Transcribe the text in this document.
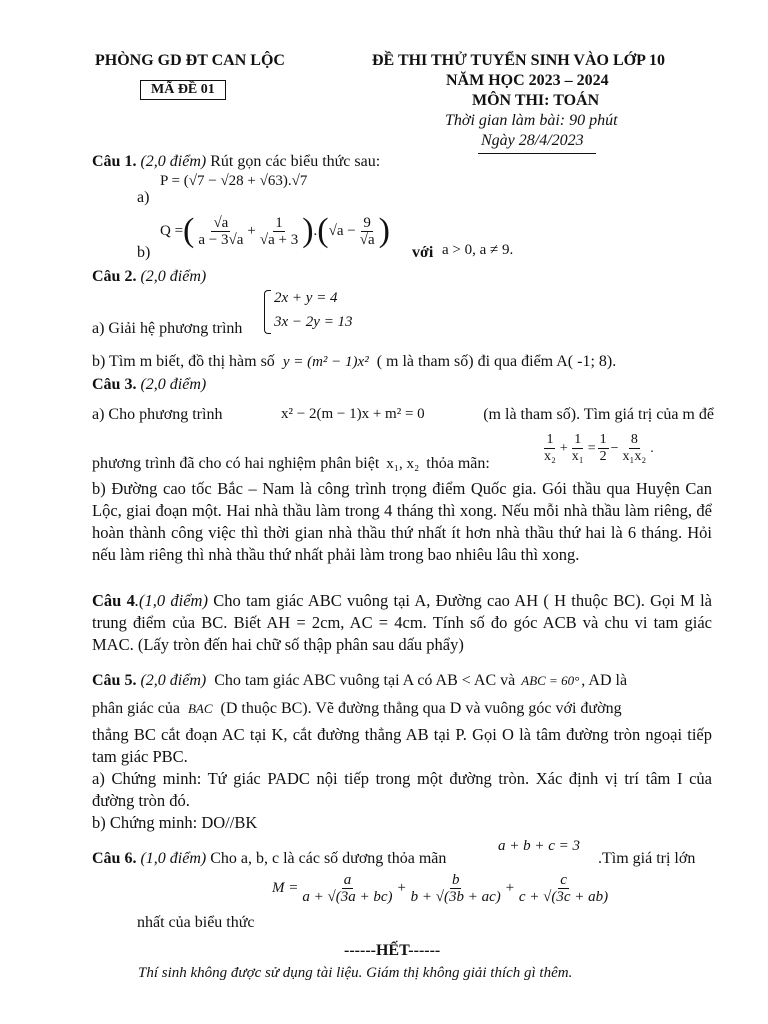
PHÒNG GD ĐT CAN LỘC
MÃ ĐỀ 01
ĐỀ THI THỬ TUYỂN SINH VÀO LỚP 10
NĂM HỌC 2023 – 2024
MÔN THI: TOÁN
Thời gian làm bài: 90 phút
Ngày 28/4/2023
Câu 1. (2,0 điểm) Rút gọn các biểu thức sau:
a)
P = (√7 − √28 + √63).√7
b)
Q = ( $\frac{√a}{a - 3√a} + \frac{1}{√a + 3}$ ) . ( $√a - \frac{9}{√a}$ )
với a > 0, a ≠ 9.
Câu 2. (2,0 điểm)
a) Giải hệ phương trình
2x + y = 4
3x − 2y = 13
b) Tìm m biết, đồ thị hàm số y = (m² − 1)x² ( m là tham số) đi qua điểm A( -1; 8).
Câu 3. (2,0 điểm)
a) Cho phương trình	x² − 2(m − 1)x + m² = 0	(m là tham số). Tìm giá trị của m để
phương trình đã cho có hai nghiệm phân biệt x₁, x₂ thỏa mãn:	$\frac{1}{\text{x₂}} + \frac{1}{\text{x₁}} = \frac{1}{2} - \frac{8}{\text{x₁x₂}}$ .
b) Đường cao tốc Bắc – Nam là công trình trọng điểm Quốc gia. Gói thầu qua Huyện Can Lộc, giai đoạn một. Hai nhà thầu làm trong 4 tháng thì xong. Nếu mỗi nhà thầu làm riêng, để hoàn thành công việc thì thời gian nhà thầu thứ nhất ít hơn nhà thầu thứ hai là 6 tháng. Hỏi nếu làm riêng thì nhà thầu thứ nhất phải làm trong bao nhiêu lâu thì xong.
Câu 4.(1,0 điểm) Cho tam giác ABC vuông tại A, Đường cao AH ( H thuộc BC). Gọi M là trung điểm của BC. Biết AH = 2cm, AC = 4cm. Tính số đo góc ACB và chu vi tam giác MAC. (Lấy tròn đến hai chữ số thập phân sau dấu phẩy)
Câu 5. (2,0 điểm) Cho tam giác ABC vuông tại A có AB < AC và ABC = 60° , AD là
phân giác của BAC (D thuộc BC). Vẽ đường thẳng qua D và vuông góc với đường
thẳng BC cắt đoạn AC tại K, cắt đường thẳng AB tại P. Gọi O là tâm đường tròn ngoại tiếp tam giác PBC.
a) Chứng minh: Tứ giác PADC nội tiếp trong một đường tròn. Xác định vị trí tâm I của đường tròn đó.
b) Chứng minh: DO//BK
Câu 6. (1,0 điểm) Cho a, b, c là các số dương thỏa mãn
a + b + c = 3
.Tìm giá trị lớn
nhất của biểu thức
$M = \frac{a}{a + √(3a + bc)} + \frac{b}{b + √(3b + ac)} + \frac{c}{c + √(3c + ab)}$
------HẾT------
Thí sinh không được sử dụng tài liệu. Giám thị không giải thích gì thêm.
